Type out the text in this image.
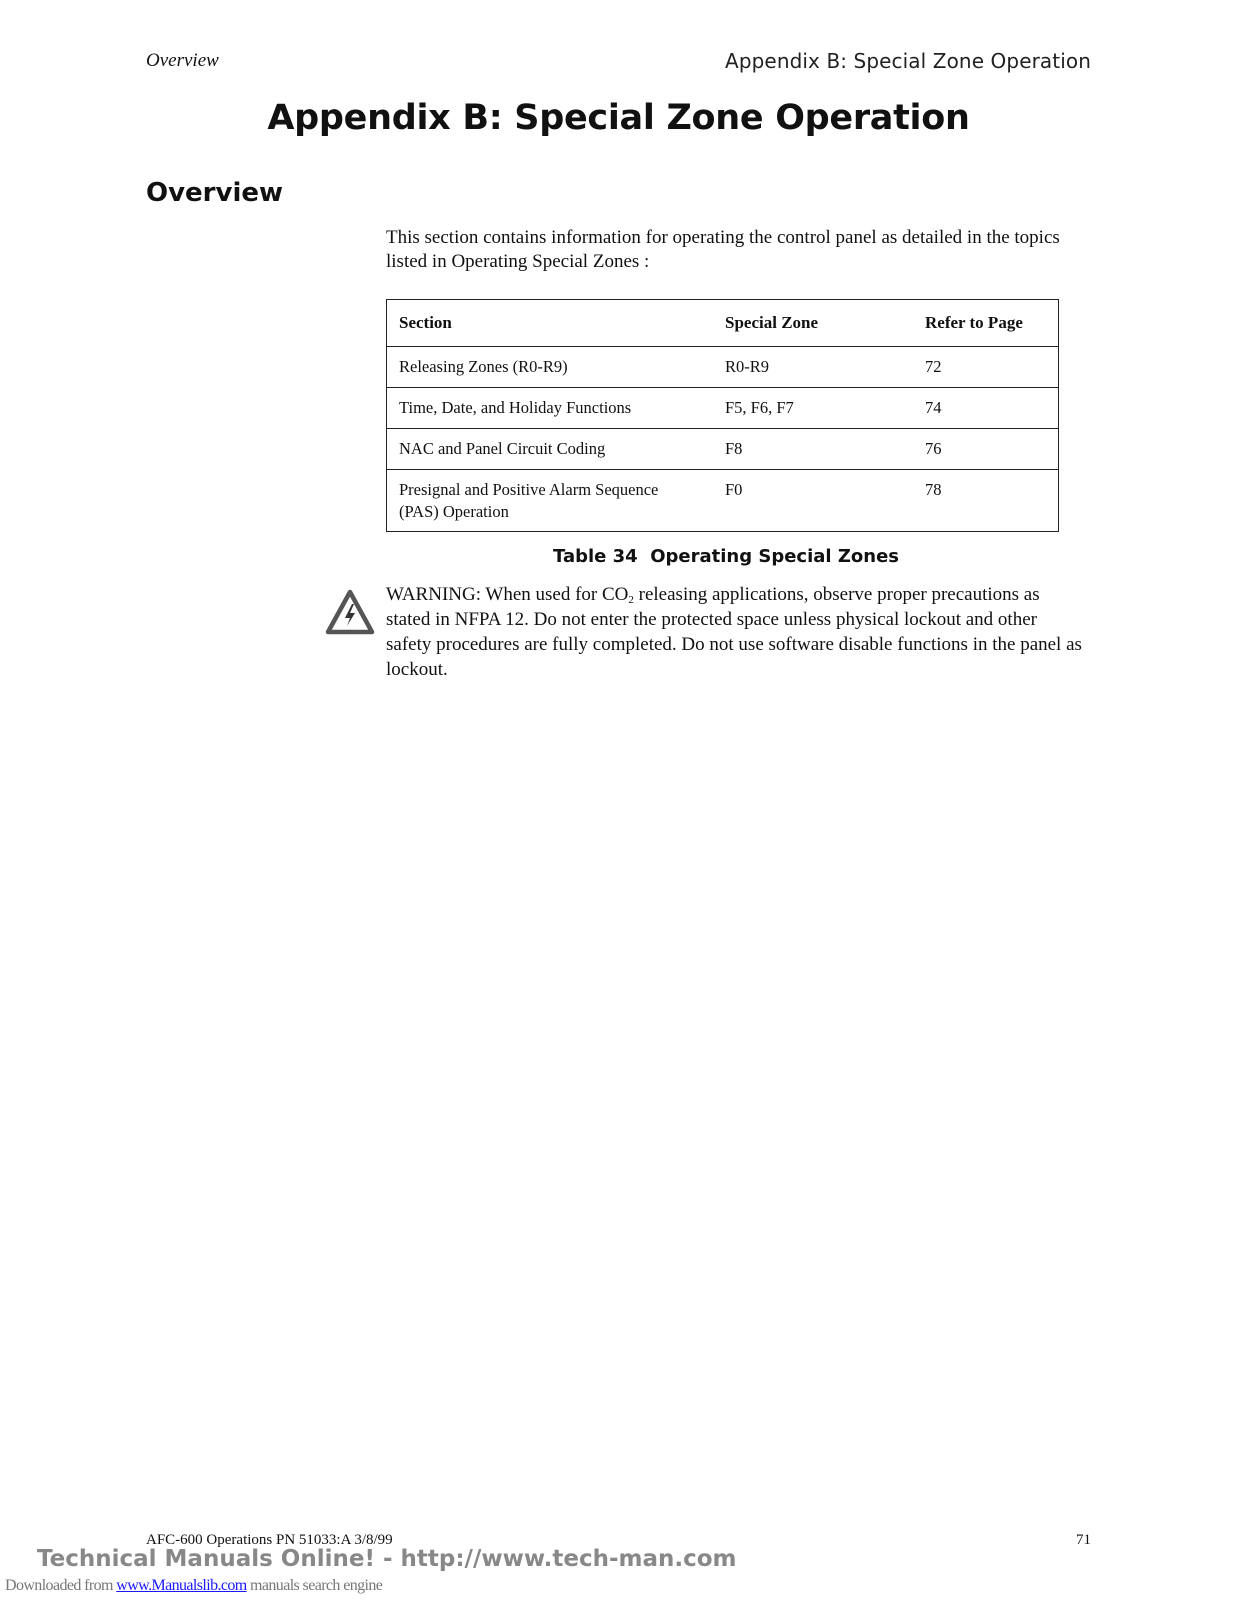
Overview	Appendix B: Special Zone Operation
Appendix B: Special Zone Operation
Overview

This section contains information for operating the control panel as detailed in the topics listed in Operating Special Zones :

Section	Special Zone	Refer to Page
Releasing Zones (R0-R9)	R0-R9	72
Time, Date, and Holiday Functions	F5, F6, F7	74
NAC and Panel Circuit Coding	F8	76
Presignal and Positive Alarm Sequence (PAS) Operation	F0	78
Table 34 Operating Special Zones

WARNING: When used for $CO_2$ releasing applications, observe proper precautions as stated in NFPA 12. Do not enter the protected space unless physical lockout and other safety procedures are fully completed. Do not use software disable functions in the panel as lockout.

AFC-600 Operations PN 51033:A 3/8/99	71
Technical Manuals Online! - http://www.tech-man.com
Downloaded from www.Manualslib.com manuals search engine
